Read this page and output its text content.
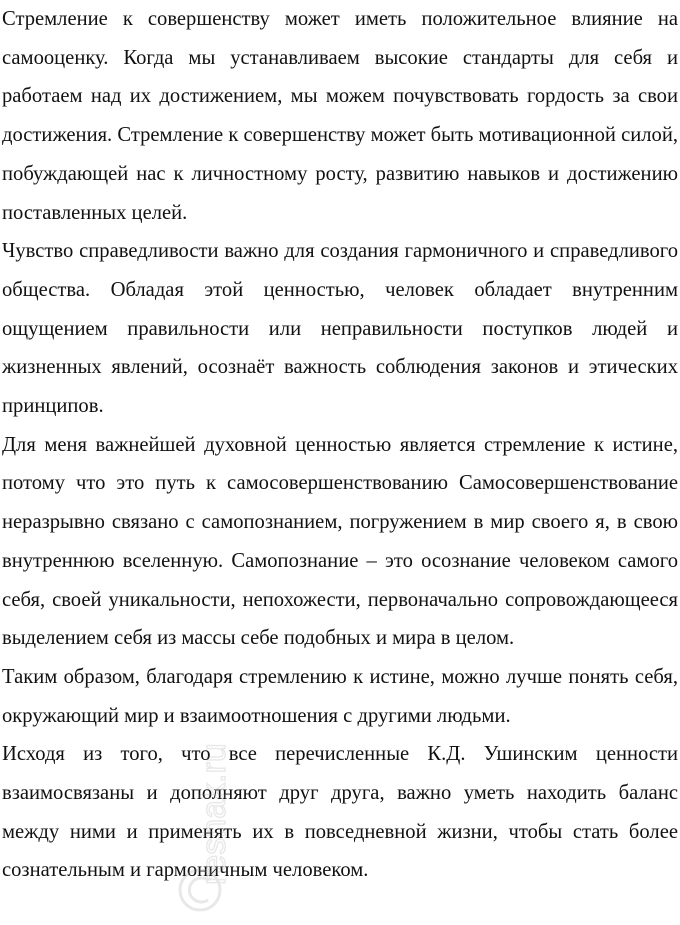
Стремление к совершенству может иметь положительное влияние на самооценку. Когда мы устанавливаем высокие стандарты для себя и работаем над их достижением, мы можем почувствовать гордость за свои достижения. Стремление к совершенству может быть мотивационной силой, побуждающей нас к личностному росту, развитию навыков и достижению поставленных целей.

Чувство справедливости важно для создания гармоничного и справедливого общества. Обладая этой ценностью, человек обладает внутренним ощущением правильности или неправильности поступков людей и жизненных явлений, осознаёт важность соблюдения законов и этических принципов.

Для меня важнейшей духовной ценностью является стремление к истине, потому что это путь к самосовершенствованию Самосовершенствование неразрывно связано с самопознанием, погружением в мир своего я, в свою внутреннюю вселенную. Самопознание – это осознание человеком самого себя, своей уникальности, непохожести, первоначально сопровождающееся выделением себя из массы себе подобных и мира в целом.

Таким образом, благодаря стремлению к истине, можно лучше понять себя, окружающий мир и взаимоотношения с другими людьми.

Исходя из того, что все перечисленные К.Д. Ушинским ценности взаимосвязаны и дополняют друг друга, важно уметь находить баланс между ними и применять их в повседневной жизни, чтобы стать более сознательным и гармоничным человеком.

reshak.ru
